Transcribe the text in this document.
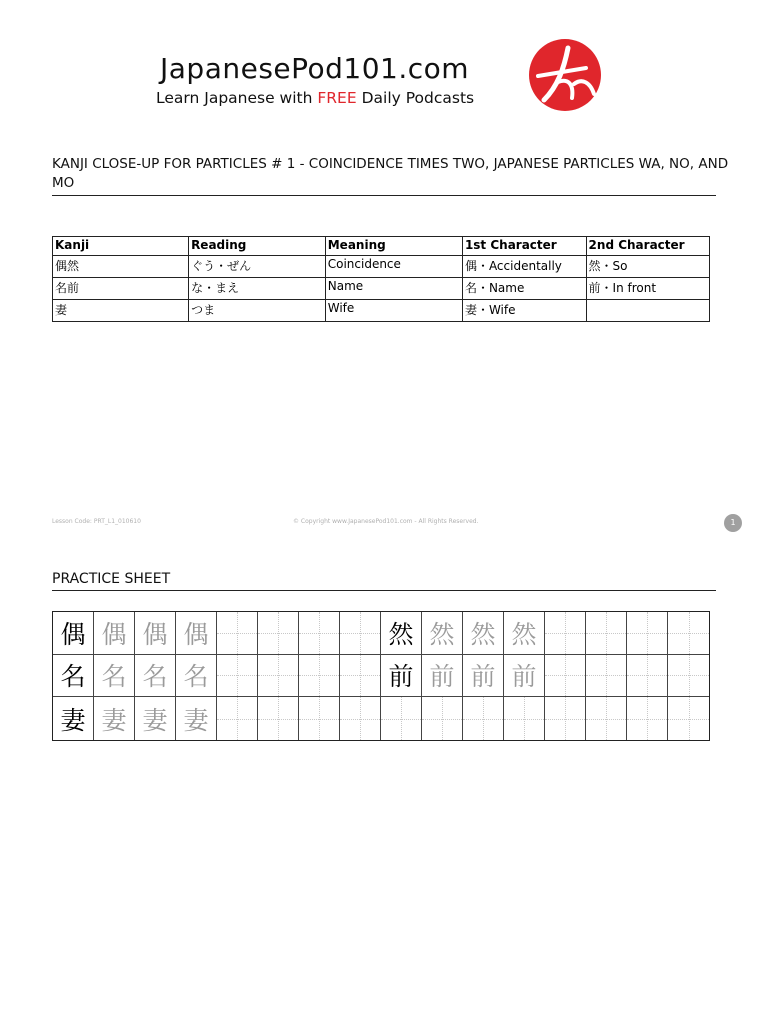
JapanesePod101.com
Learn Japanese with FREE Daily Podcasts
KANJI CLOSE-UP FOR PARTICLES # 1 - COINCIDENCE TIMES TWO, JAPANESE PARTICLES WA, NO, AND MO
Kanji	Reading	Meaning	1st Character	2nd Character
偶然	ぐう・ぜん	Coincidence	偶・Accidentally	然・So
名前	な・まえ	Name	名・Name	前・In front
妻	つま	Wife	妻・Wife	
Lesson Code: PRT_L1_010610	© Copyright www.JapanesePod101.com - All Rights Reserved.	1
PRACTICE SHEET
偶 偶 偶 偶	然 然 然 然
名 名 名 名	前 前 前 前
妻 妻 妻 妻
